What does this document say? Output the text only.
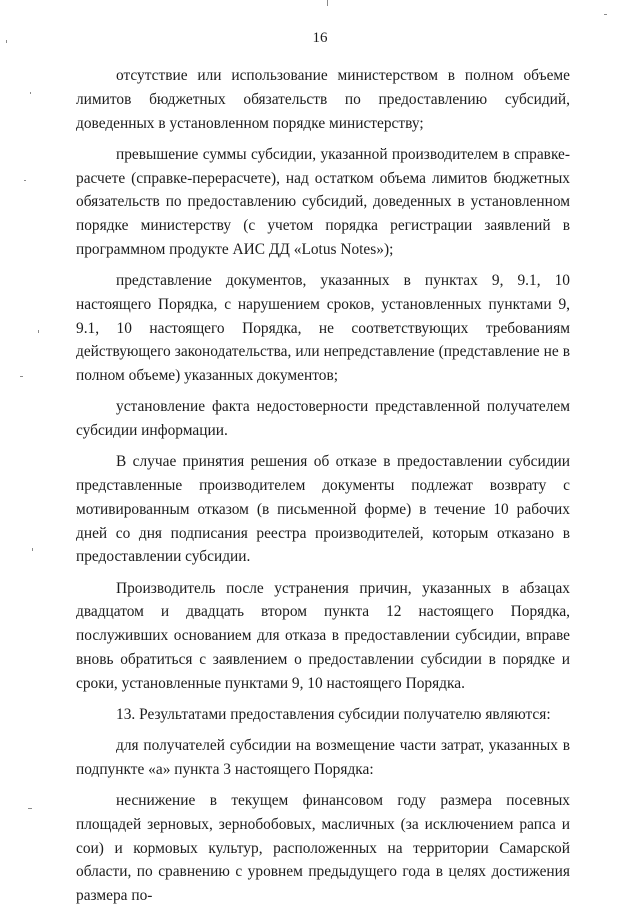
16

отсутствие или использование министерством в полном объеме лимитов бюджетных обязательств по предоставлению субсидий, доведенных в установленном порядке министерству;

превышение суммы субсидии, указанной производителем в справке-расчете (справке-перерасчете), над остатком объема лимитов бюджетных обязательств по предоставлению субсидий, доведенных в установленном порядке министерству (с учетом порядка регистрации заявлений в программном продукте АИС ДД «Lotus Notes»);

представление документов, указанных в пунктах 9, 9.1, 10 настоящего Порядка, с нарушением сроков, установленных пунктами 9, 9.1, 10 настоящего Порядка, не соответствующих требованиям действующего законодательства, или непредставление (представление не в полном объеме) указанных документов;

установление факта недостоверности представленной получателем субсидии информации.

В случае принятия решения об отказе в предоставлении субсидии представленные производителем документы подлежат возврату с мотивированным отказом (в письменной форме) в течение 10 рабочих дней со дня подписания реестра производителей, которым отказано в предоставлении субсидии.

Производитель после устранения причин, указанных в абзацах двадцатом и двадцать втором пункта 12 настоящего Порядка, послуживших основанием для отказа в предоставлении субсидии, вправе вновь обратиться с заявлением о предоставлении субсидии в порядке и сроки, установленные пунктами 9, 10 настоящего Порядка.

13. Результатами предоставления субсидии получателю являются:

для получателей субсидии на возмещение части затрат, указанных в подпункте «а» пункта 3 настоящего Порядка:

неснижение в текущем финансовом году размера посевных площадей зерновых, зернобобовых, масличных (за исключением рапса и сои) и кормовых культур, расположенных на территории Самарской области, по сравнению с уровнем предыдущего года в целях достижения размера по-
